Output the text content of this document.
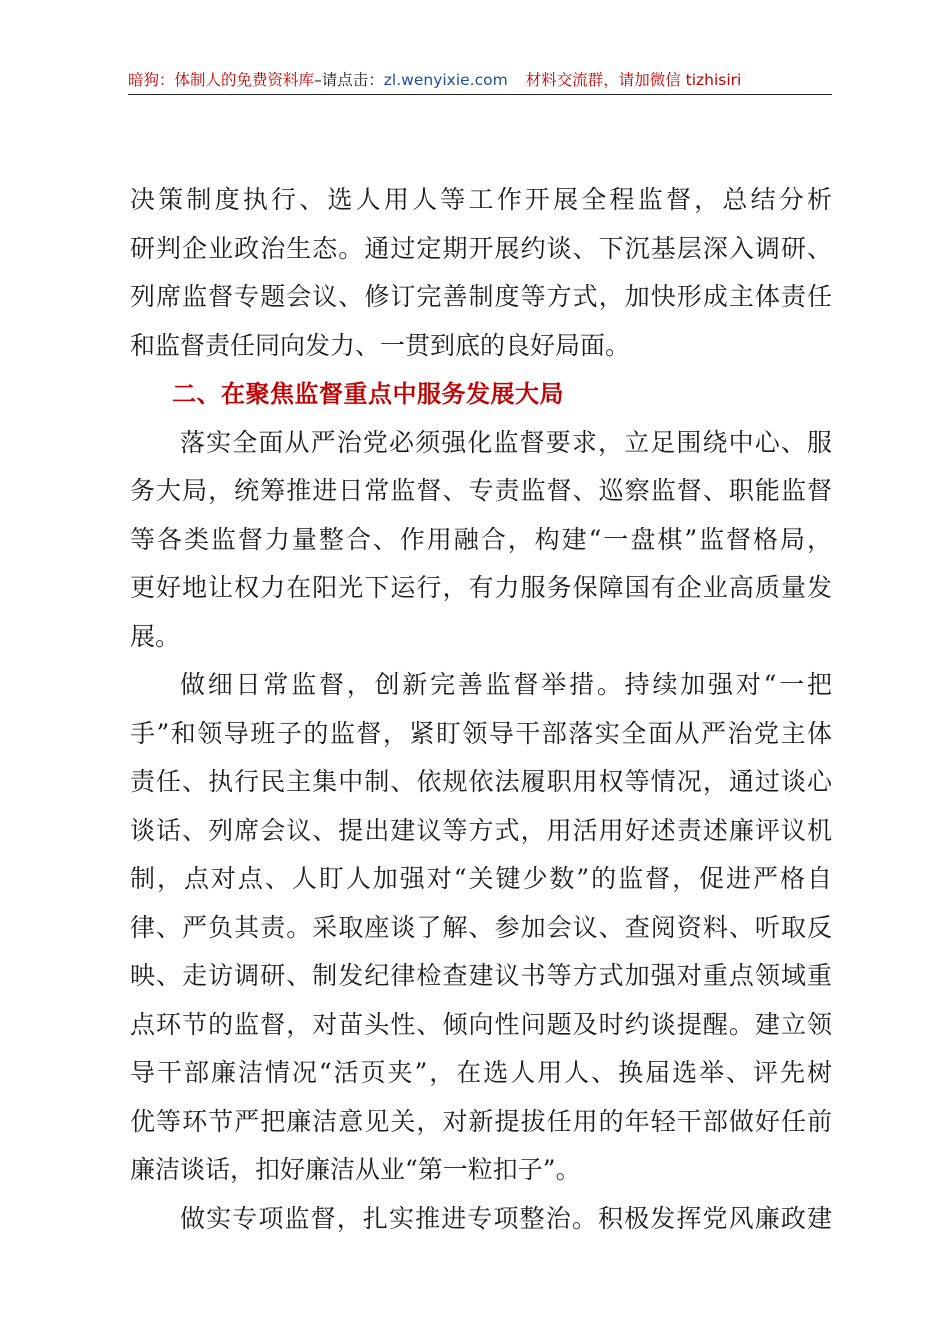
暗狗：体制人的免费资料库–请点击：zl.wenyixie.com 材料交流群，请加微信 tizhisiri
决策制度执行、选人用人等工作开展全程监督，总结分析
研判企业政治生态。通过定期开展约谈、下沉基层深入调研、
列席监督专题会议、修订完善制度等方式，加快形成主体责任
和监督责任同向发力、一贯到底的良好局面。
二、在聚焦监督重点中服务发展大局
落实全面从严治党必须强化监督要求，立足围绕中心、服
务大局，统筹推进日常监督、专责监督、巡察监督、职能监督
等各类监督力量整合、作用融合，构建“一盘棋”监督格局，
更好地让权力在阳光下运行，有力服务保障国有企业高质量发
展。
做细日常监督，创新完善监督举措。持续加强对“一把
手”和领导班子的监督，紧盯领导干部落实全面从严治党主体
责任、执行民主集中制、依规依法履职用权等情况，通过谈心
谈话、列席会议、提出建议等方式，用活用好述责述廉评议机
制，点对点、人盯人加强对“关键少数”的监督，促进严格自
律、严负其责。采取座谈了解、参加会议、查阅资料、听取反
映、走访调研、制发纪律检查建议书等方式加强对重点领域重
点环节的监督，对苗头性、倾向性问题及时约谈提醒。建立领
导干部廉洁情况“活页夹”，在选人用人、换届选举、评先树
优等环节严把廉洁意见关，对新提拔任用的年轻干部做好任前
廉洁谈话，扣好廉洁从业“第一粒扣子”。
做实专项监督，扎实推进专项整治。积极发挥党风廉政建
